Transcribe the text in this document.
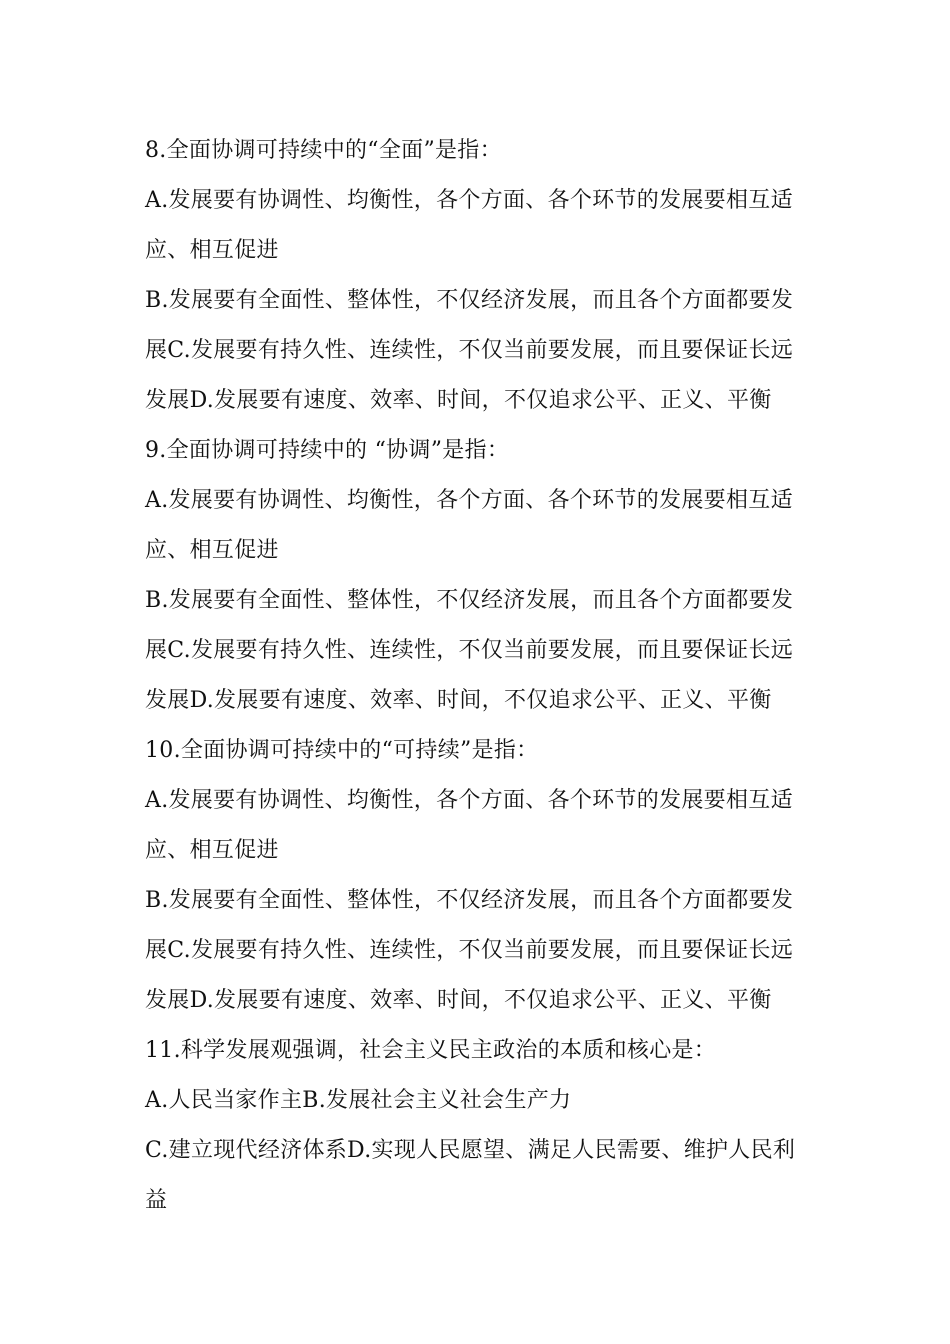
8.全面协调可持续中的“全面”是指：
A.发展要有协调性、均衡性，各个方面、各个环节的发展要相互适
应、相互促进
B.发展要有全面性、整体性，不仅经济发展，而且各个方面都要发
展C.发展要有持久性、连续性，不仅当前要发展，而且要保证长远
发展D.发展要有速度、效率、时间，不仅追求公平、正义、平衡
9.全面协调可持续中的 “协调”是指：
A.发展要有协调性、均衡性，各个方面、各个环节的发展要相互适
应、相互促进
B.发展要有全面性、整体性，不仅经济发展，而且各个方面都要发
展C.发展要有持久性、连续性，不仅当前要发展，而且要保证长远
发展D.发展要有速度、效率、时间，不仅追求公平、正义、平衡
10.全面协调可持续中的“可持续”是指：
A.发展要有协调性、均衡性，各个方面、各个环节的发展要相互适
应、相互促进
B.发展要有全面性、整体性，不仅经济发展，而且各个方面都要发
展C.发展要有持久性、连续性，不仅当前要发展，而且要保证长远
发展D.发展要有速度、效率、时间，不仅追求公平、正义、平衡
11.科学发展观强调，社会主义民主政治的本质和核心是：
A.人民当家作主B.发展社会主义社会生产力
C.建立现代经济体系D.实现人民愿望、满足人民需要、维护人民利
益
